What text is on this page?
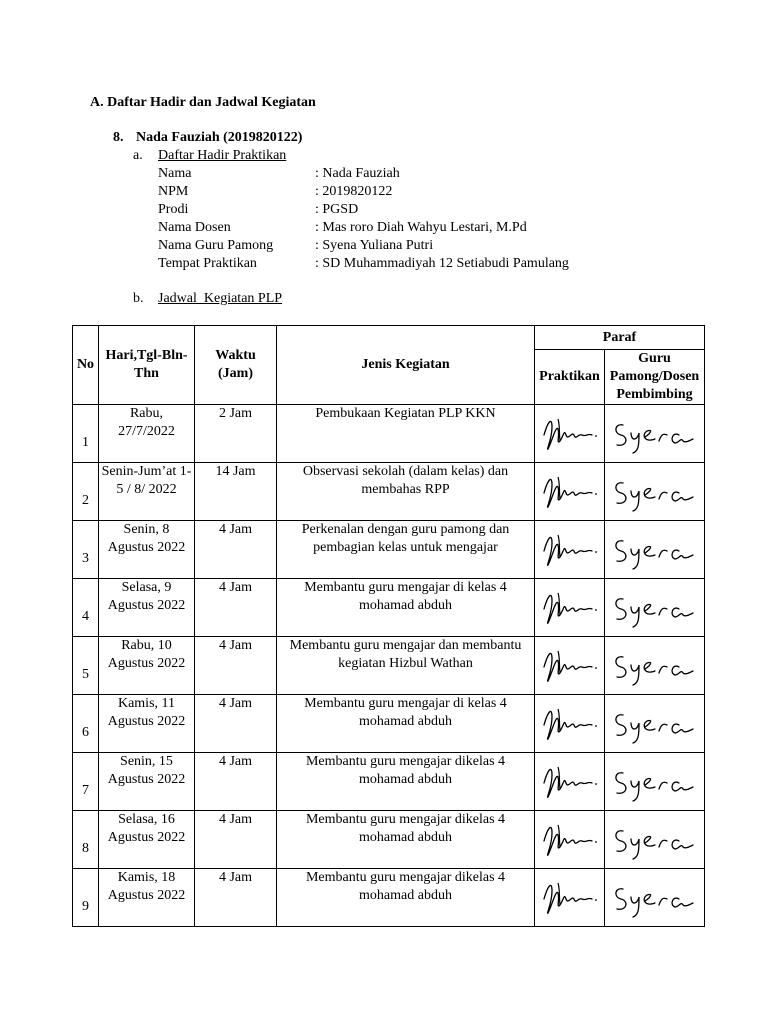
A. Daftar Hadir dan Jadwal Kegiatan
8. Nada Fauziah (2019820122)
a. Daftar Hadir Praktikan
Nama	: Nada Fauziah
NPM	: 2019820122
Prodi	: PGSD
Nama Dosen	: Mas roro Diah Wahyu Lestari, M.Pd
Nama Guru Pamong	: Syena Yuliana Putri
Tempat Praktikan	: SD Muhammadiyah 12 Setiabudi Pamulang
b. Jadwal  Kegiatan PLP
No	Hari,Tgl-Bln-Thn	Waktu (Jam)	Jenis Kegiatan	Paraf	
				Praktikan	Guru Pamong/Dosen Pembimbing
1	Rabu, 27/7/2022	2 Jam	Pembukaan Kegiatan PLP KKN	

2	Senin-Jum’at 1-5 / 8/ 2022	14 Jam	Observasi sekolah (dalam kelas) dan membahas RPP	

3	Senin, 8 Agustus 2022	4 Jam	Perkenalan dengan guru pamong dan pembagian kelas untuk mengajar	

4	Selasa, 9 Agustus 2022	4 Jam	Membantu guru mengajar di kelas 4 mohamad abduh	

5	Rabu, 10 Agustus 2022	4 Jam	Membantu guru mengajar dan membantu kegiatan Hizbul Wathan	

6	Kamis, 11 Agustus 2022	4 Jam	Membantu guru mengajar di kelas 4 mohamad abduh	

7	Senin, 15 Agustus 2022	4 Jam	Membantu guru mengajar dikelas 4 mohamad abduh	

8	Selasa, 16 Agustus 2022	4 Jam	Membantu guru mengajar dikelas 4 mohamad abduh	

9	Kamis, 18 Agustus 2022	4 Jam	Membantu guru mengajar dikelas 4 mohamad abduh	
